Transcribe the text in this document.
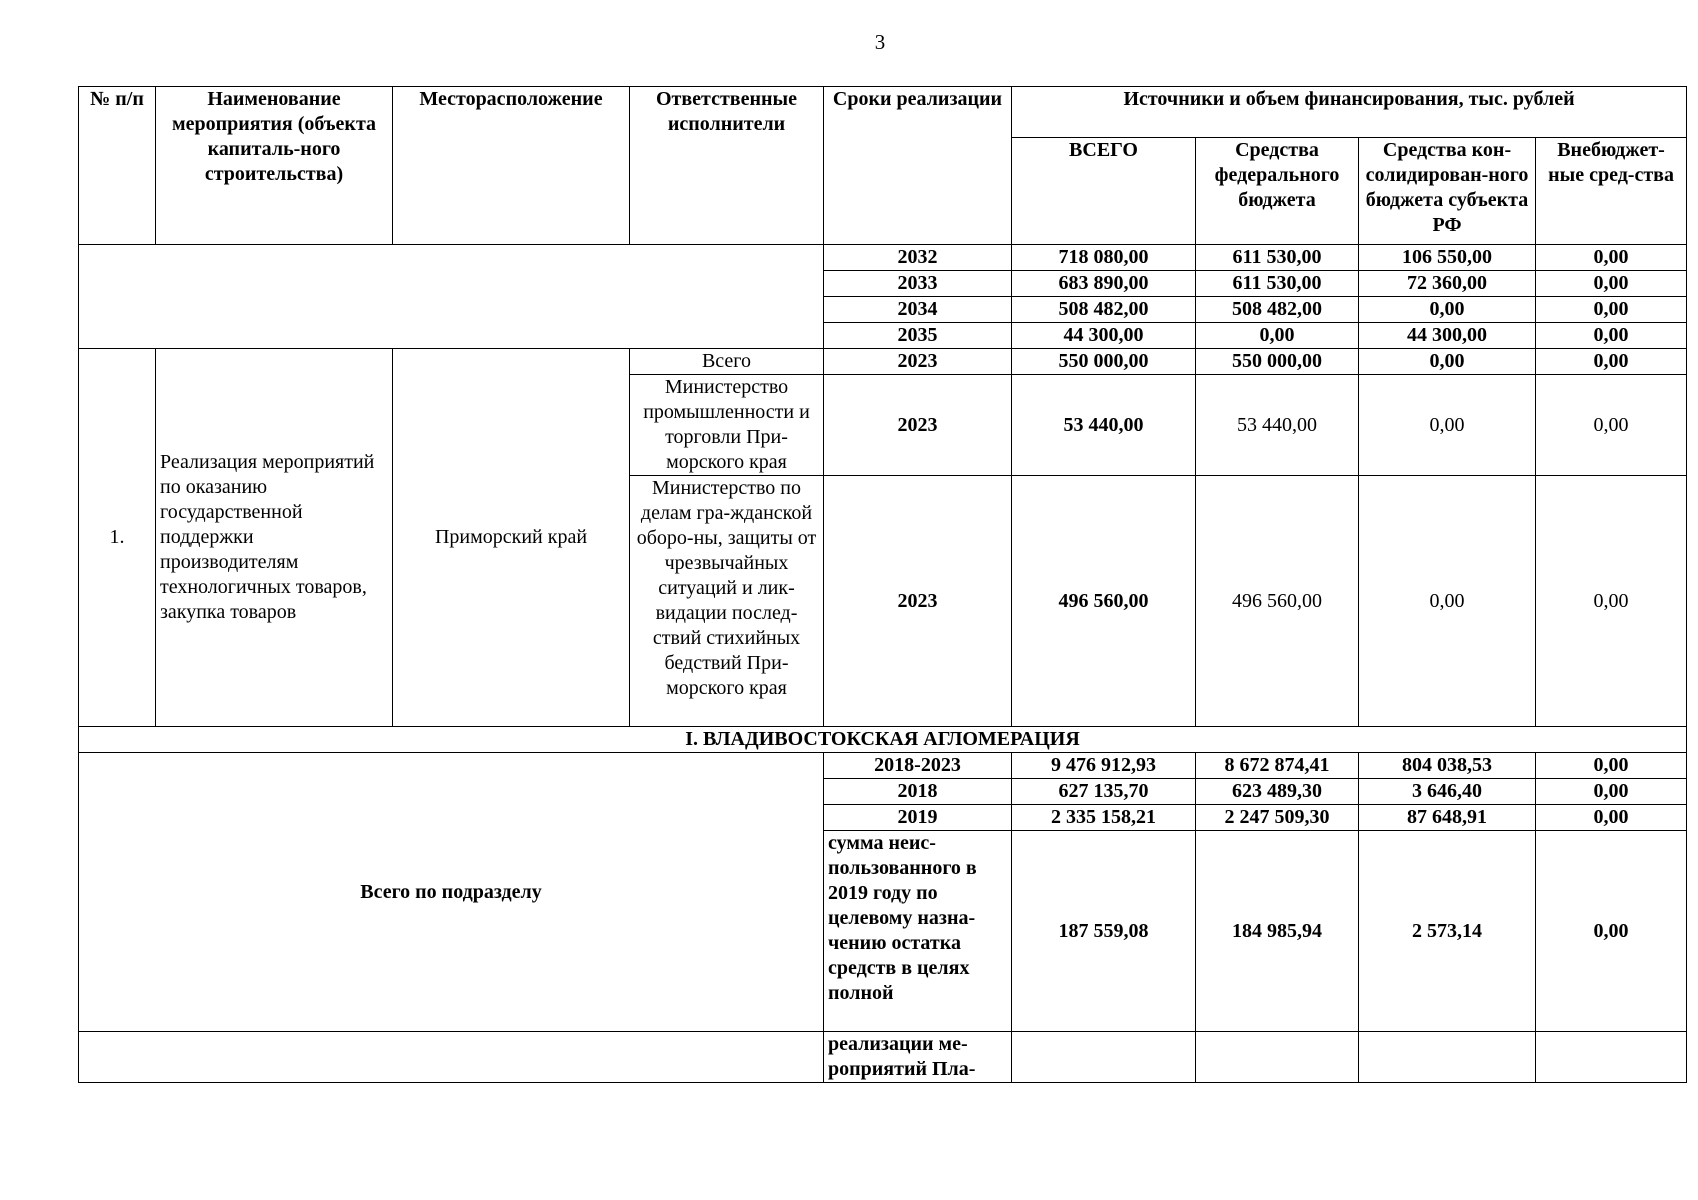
3
№ п/п	Наименование мероприятия (объекта капиталь-ного строительства)	Месторасположение	Ответственные исполнители	Сроки реализации	Источники и объем финансирования, тыс. рублей			
					ВСЕГО	Средства федерального бюджета	Средства кон-солидирован-ного бюджета субъекта РФ	Внебюджет-ные сред-ства
				2032	718 080,00	611 530,00	106 550,00	0,00
				2033	683 890,00	611 530,00	72 360,00	0,00
				2034	508 482,00	508 482,00	0,00	0,00
				2035	44 300,00	0,00	44 300,00	0,00
1.	Реализация мероприятий по оказанию государственной поддержки производителям технологичных товаров, закупка товаров	Приморский край	Всего	2023	550 000,00	550 000,00	0,00	0,00
			Министерство промышленности и торговли При-морского края	2023	53 440,00	53 440,00	0,00	0,00
			Министерство по делам гра-жданской оборо-ны, защиты от чрезвычайных ситуаций и лик-видации послед-ствий стихийных бедствий При-морского края	2023	496 560,00	496 560,00	0,00	0,00
I. ВЛАДИВОСТОКСКАЯ АГЛОМЕРАЦИЯ								
Всего по подразделу				2018-2023	9 476 912,93	8 672 874,41	804 038,53	0,00
				2018	627 135,70	623 489,30	3 646,40	0,00
				2019	2 335 158,21	2 247 509,30	87 648,91	0,00
				сумма неис-пользованного в 2019 году по целевому назна-чению остатка средств в целях полной	187 559,08	184 985,94	2 573,14	0,00
				реализации ме-роприятий Пла-				
